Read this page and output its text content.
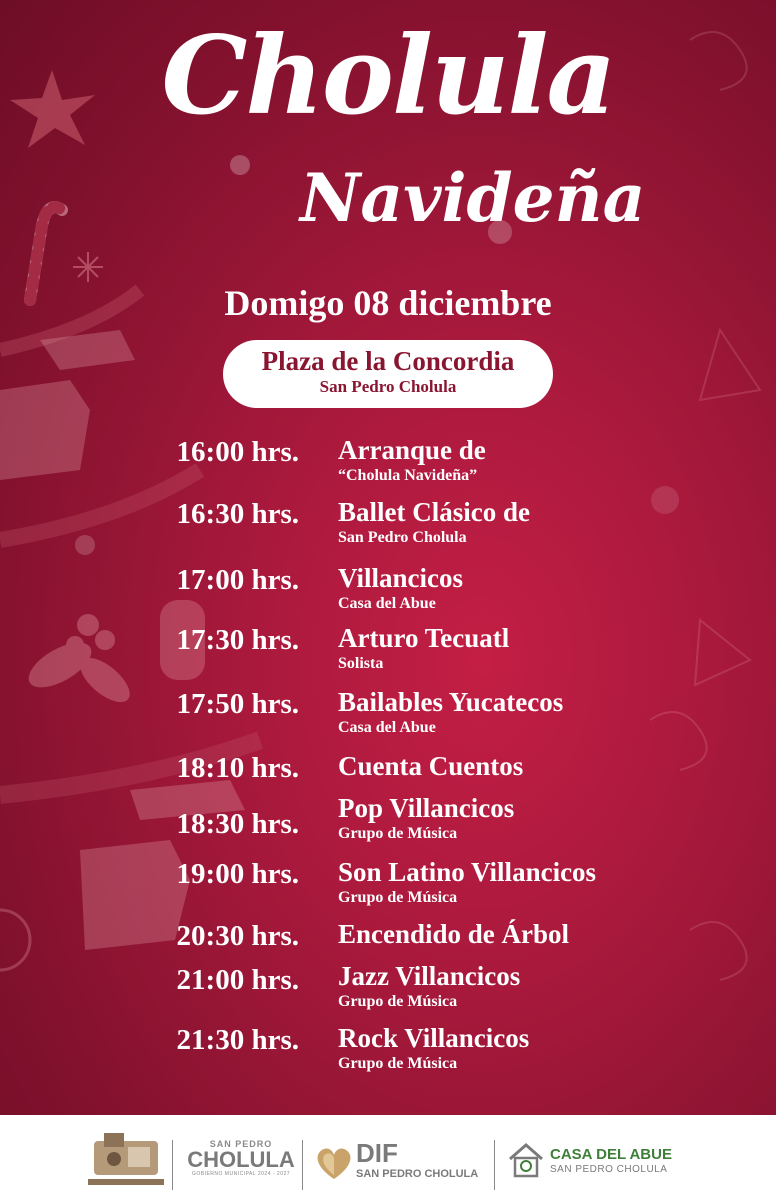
Cholula
Navideña
Domigo 08 diciembre
Plaza de la Concordia
San Pedro Cholula
16:00 hrs. Arranque de
“Cholula Navideña”
16:30 hrs. Ballet Clásico de
San Pedro Cholula
17:00 hrs. Villancicos
Casa del Abue
17:30 hrs. Arturo Tecuatl
Solista
17:50 hrs. Bailables Yucatecos
Casa del Abue
18:10 hrs. Cuenta Cuentos
18:30 hrs. Pop Villancicos
Grupo de Música
19:00 hrs. Son Latino Villancicos
Grupo de Música
20:30 hrs. Encendido de Árbol
21:00 hrs. Jazz Villancicos
Grupo de Música
21:30 hrs. Rock Villancicos
Grupo de Música
SAN PEDRO
CHOLULA
GOBIERNO MUNICIPAL 2024 - 2027
DIF
SAN PEDRO CHOLULA
CASA DEL ABUE
SAN PEDRO CHOLULA
